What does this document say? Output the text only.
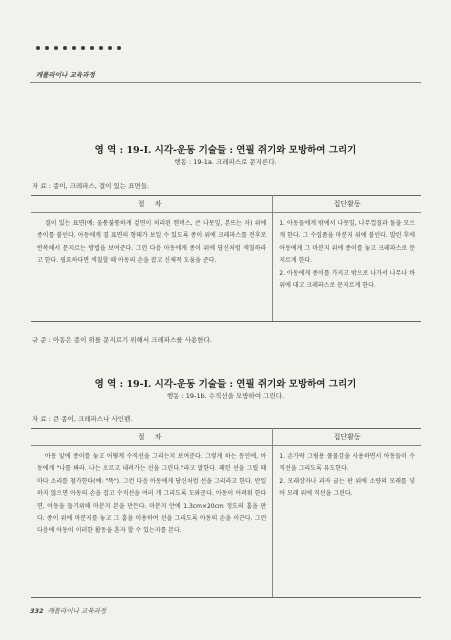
캐롤라이나 교육과정
영 역 : 19-I. 시각-운동 기술들 : 연필 쥐기와 모방하여 그리기
행동 : 19-1a. 크레파스로 문지른다.
자 료 : 종이, 크레파스, 결이 있는 표면들.
절 차	집단활동

결이 있는 표면(예: 울퉁불퉁하게 겉면이 처리된 캔버스, 큰 나뭇잎, 본뜨는 자) 위에 종이를 붙인다. 아동에게 결 표면의 형태가 보일 수 있도록 종이 위에 크레파스를 전후로 반복해서 문지르는 방법을 보여준다. 그런 다음 아동에게 종이 위에 당신처럼 색칠하라고 한다. 필요하다면 색칠할 때 아동의 손을 잡고 신체적 도움을 준다.	1. 아동들에게 밖에서 나뭇잎, 나무껍질과 돌을 모으게 한다. 그 수집품을 마분지 위에 붙인다. 발린 후에 아동에게 그 마분지 위에 종이를 놓고 크레파스로 문지르게 한다.

2. 아동에게 종이를 가지고 밖으로 나가서 나무나 바위에 대고 크레파스로 문지르게 한다.

규 준 : 아동은 종이 위를 문지르기 위해서 크레파스를 사용한다.
영 역 : 19-I. 시각-운동 기술들 : 연필 쥐기와 모방하여 그리기
행동 : 19-1b. 수직선을 모방하여 그린다.
자 료 : 큰 종이, 크레파스나 사인펜.
절 차	집단활동

아동 앞에 종이를 놓고 어떻게 수직선을 그리는지 보여준다. 그렇게 하는 동안에, 아동에게 "나를 봐라. 나는 오르고 내려가는 선을 그린다."라고 말한다. 패턴 선을 그릴 때마다 소리를 첨가한다(예: "뚝"). 그런 다음 아동에게 당신처럼 선을 그리라고 한다. 만일 하지 않으면 아동의 손을 잡고 수직선을 여러 개 그리도록 도와준다. 아동이 어려워 한다면, 아동을 돕기위해 마분지 본을 만든다. 마분지 안에 1.3cm×20cm 정도의 홈을 판다. 종이 위에 마분지를 놓고 그 홈을 이용하여 선을 그리도록 아동의 손을 이끈다. 그런 다음에 아동이 이러한 활동을 혼자 할 수 있는지를 본다.	1. 손가락 그림용 풀물감을 사용하면서 아동들이 수직선을 그리도록 유도한다.

2. 모래상자나 과자 굽는 판 위에 소량의 모래를 넣어 모래 위에 직선을 그린다.

332 캐롤라이나 교육과정
